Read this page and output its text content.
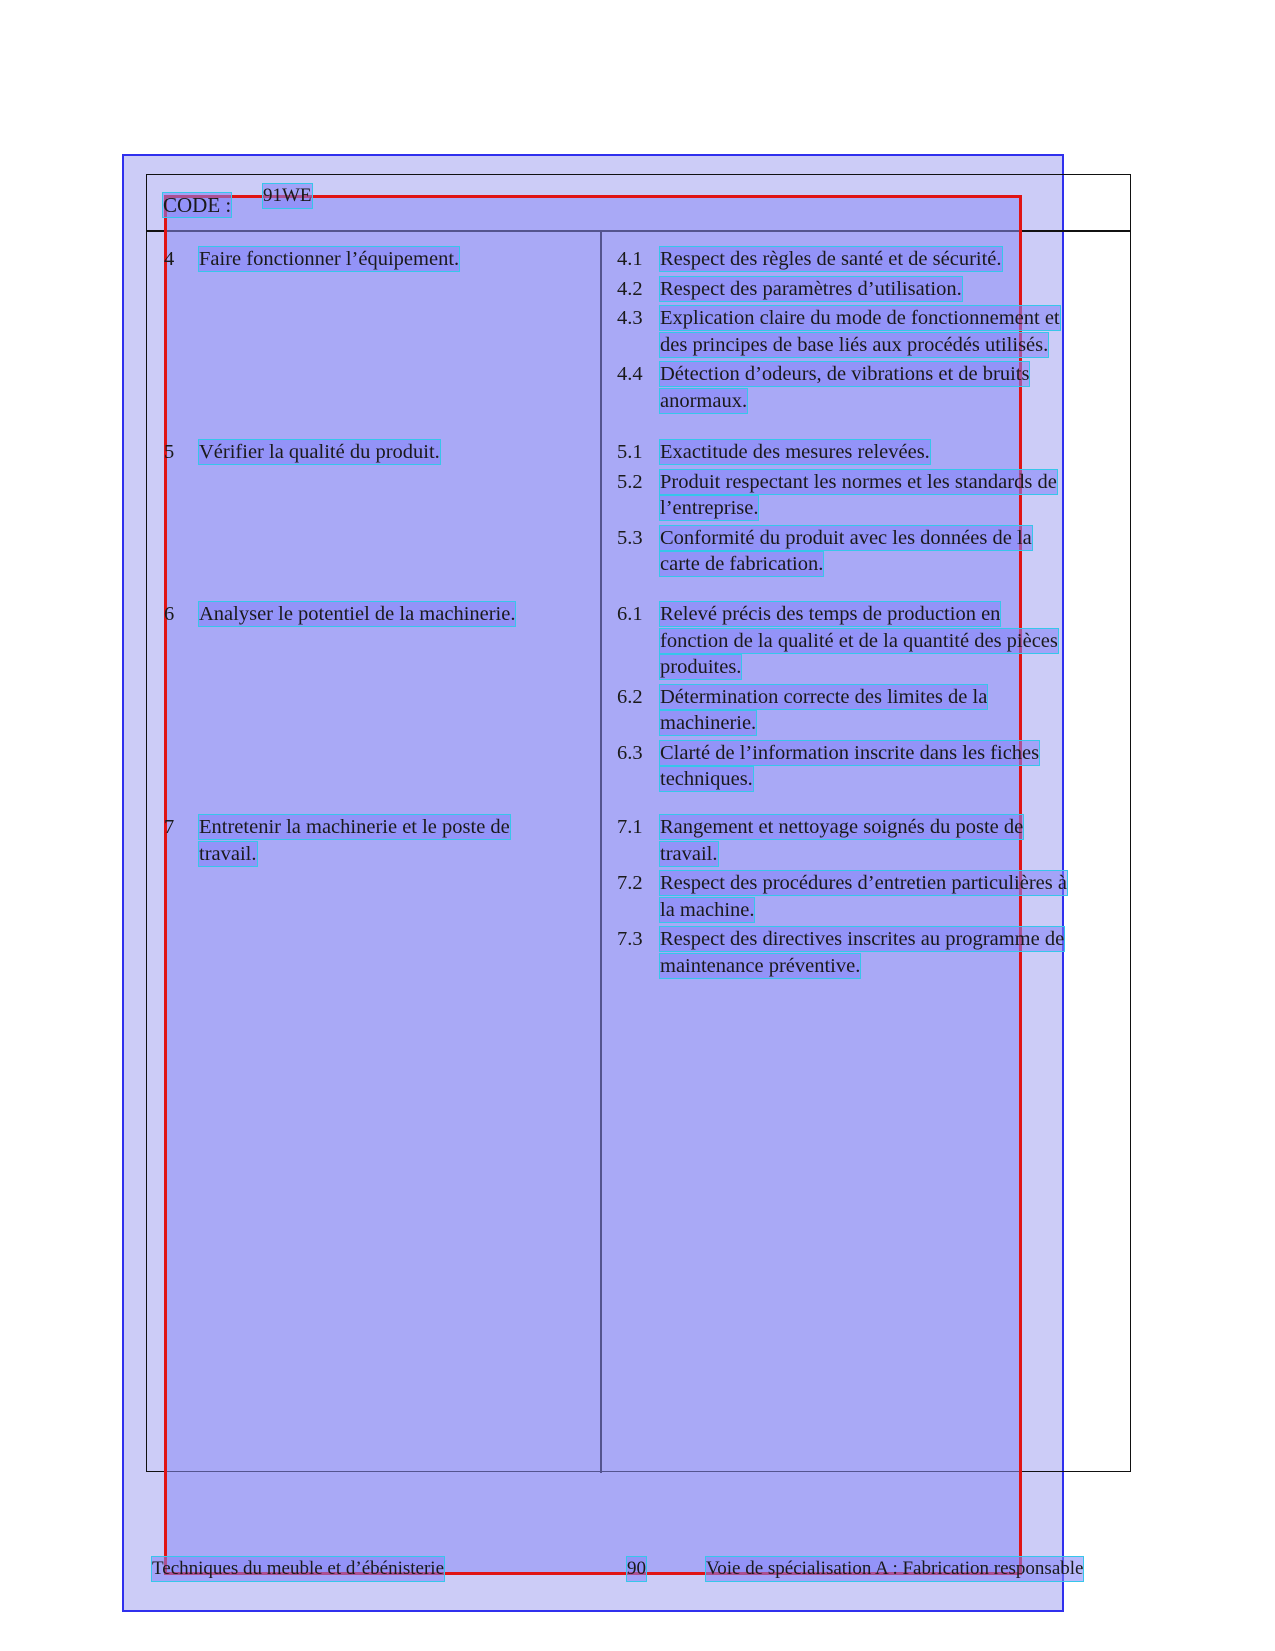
CODE : 91WE
4 Faire fonctionner l’équipement.	4.1 Respect des règles de santé et de sécurité.
4.2 Respect des paramètres d’utilisation.
4.3 Explication claire du mode de fonctionnement et
des principes de base liés aux procédés utilisés.
4.4 Détection d’odeurs, de vibrations et de bruits
anormaux.
5 Vérifier la qualité du produit.	5.1 Exactitude des mesures relevées.
5.2 Produit respectant les normes et les standards de
l’entreprise.
5.3 Conformité du produit avec les données de la
carte de fabrication.
6 Analyser le potentiel de la machinerie.	6.1 Relevé précis des temps de production en
fonction de la qualité et de la quantité des pièces
produites.
6.2 Détermination correcte des limites de la
machinerie.
6.3 Clarté de l’information inscrite dans les fiches
techniques.
7 Entretenir la machinerie et le poste de
travail.
7.1 Rangement et nettoyage soignés du poste de
travail.
7.2 Respect des procédures d’entretien particulières à
la machine.
7.3 Respect des directives inscrites au programme de
maintenance préventive.
Techniques du meuble et d’ébénisterie	90	Voie de spécialisation A : Fabrication responsable
